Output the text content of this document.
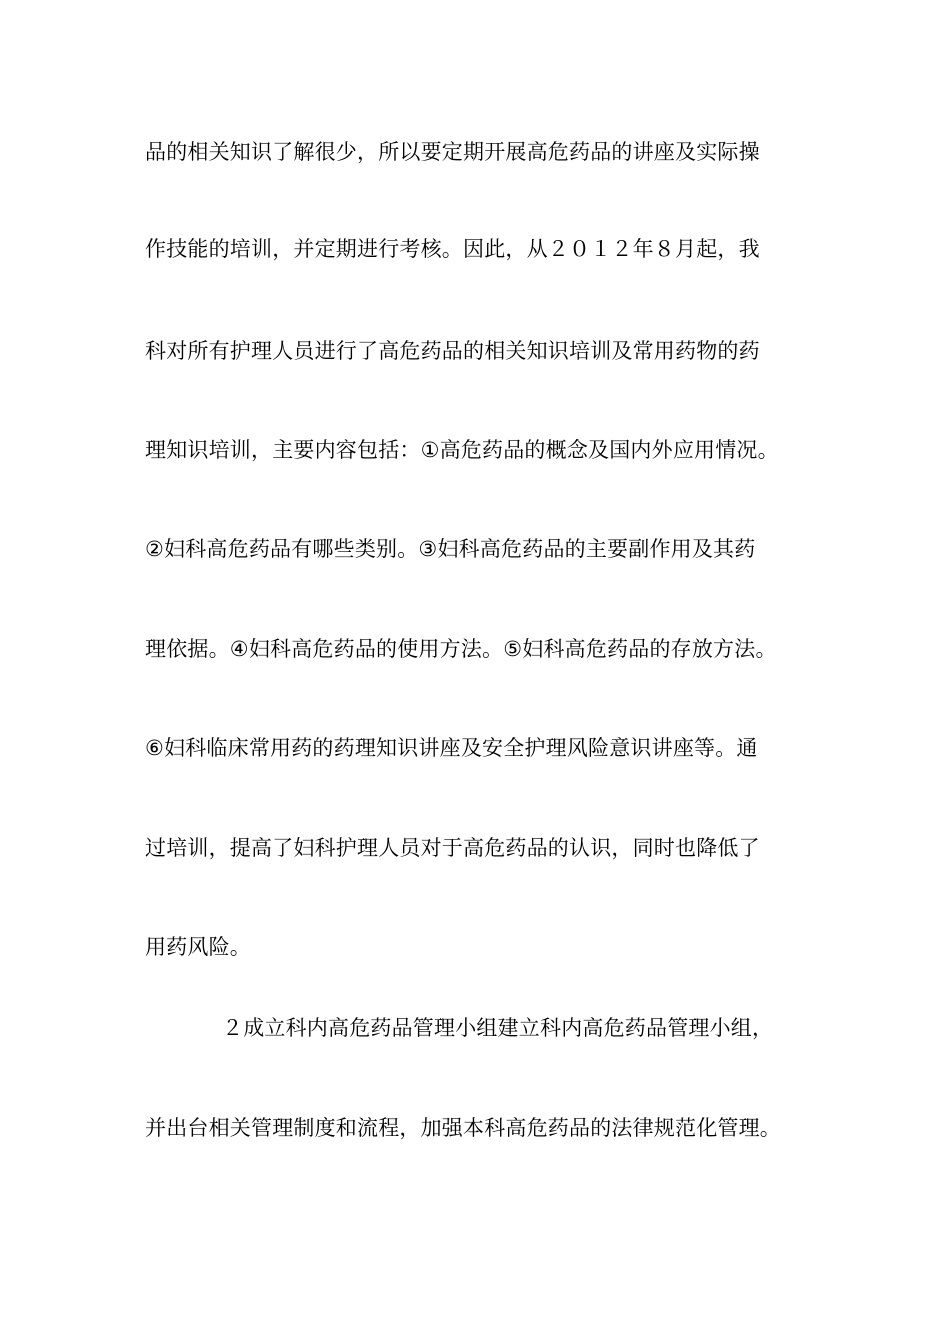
品的相关知识了解很少，所以要定期开展高危药品的讲座及实际操
作技能的培训，并定期进行考核。因此，从２０１２年８月起，我
科对所有护理人员进行了高危药品的相关知识培训及常用药物的药
理知识培训，主要内容包括：①高危药品的概念及国内外应用情况。
②妇科高危药品有哪些类别。③妇科高危药品的主要副作用及其药
理依据。④妇科高危药品的使用方法。⑤妇科高危药品的存放方法。
⑥妇科临床常用药的药理知识讲座及安全护理风险意识讲座等。通
过培训，提高了妇科护理人员对于高危药品的认识，同时也降低了
用药风险。
２成立科内高危药品管理小组建立科内高危药品管理小组，
并出台相关管理制度和流程，加强本科高危药品的法律规范化管理。
